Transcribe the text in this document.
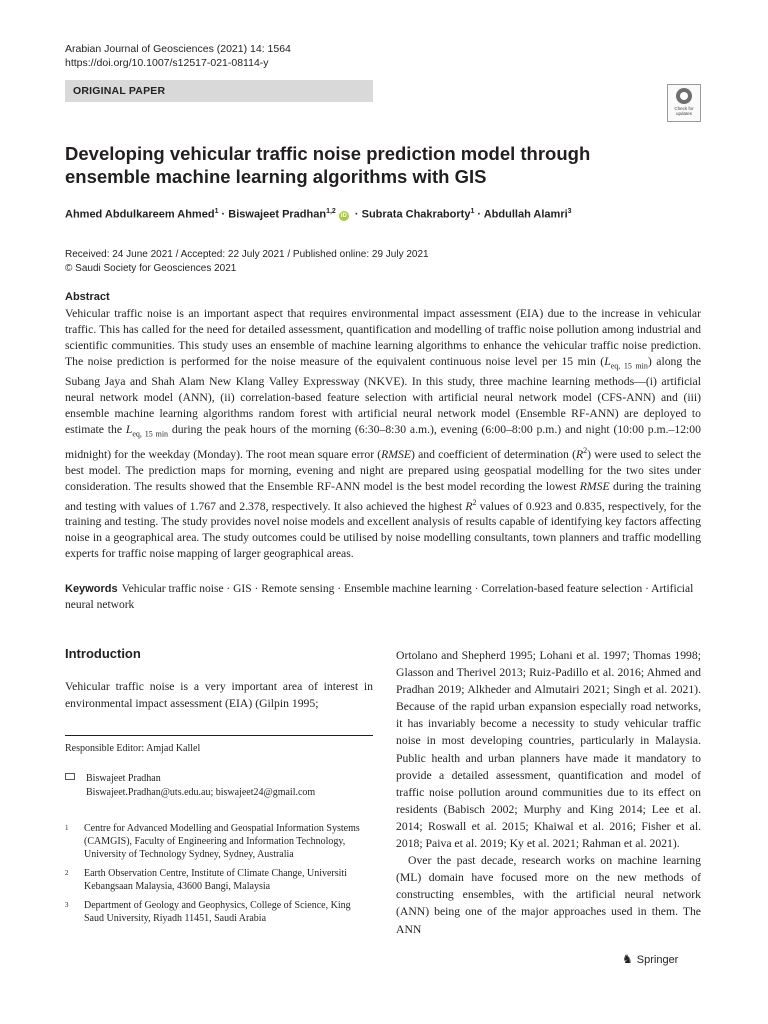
Arabian Journal of Geosciences (2021) 14: 1564
https://doi.org/10.1007/s12517-021-08114-y
ORIGINAL PAPER
Check for updates
Developing vehicular traffic noise prediction model through ensemble machine learning algorithms with GIS
Ahmed Abdulkareem Ahmed$^1$ · Biswajeet Pradhan$^{1,2}$iD · Subrata Chakraborty$^1$ · Abdullah Alamri$^3$
Received: 24 June 2021 / Accepted: 22 July 2021 / Published online: 29 July 2021
© Saudi Society for Geosciences 2021
Abstract

Vehicular traffic noise is an important aspect that requires environmental impact assessment (EIA) due to the increase in vehicular traffic. This has called for the need for detailed assessment, quantification and modelling of traffic noise pollution among industrial and scientific communities. This study uses an ensemble of machine learning algorithms to enhance the vehicular traffic noise prediction. The noise prediction is performed for the noise measure of the equivalent continuous noise level per 15 $\min (L_{eq, 15 min})$ along the Subang Jaya and Shah Alam New Klang Valley Expressway (NKVE). In this study, three machine learning methods—(i) artificial neural network model (ANN), (ii) correlation-based feature selection with artificial neural network model (CFS-ANN) and (iii) ensemble machine learning algorithms random forest with artificial neural network model (Ensemble RF-ANN) are deployed to estimate the $L_{eq, 15 min}$ during the peak hours of the morning (6:30–8:30 a.m.), evening (6:00–8:00 p.m.) and night (10:00 p.m.–12:00 midnight) for the weekday (Monday). The root mean square error (RMSE) and coefficient of determination $(R^2)$ were used to select the best model. The prediction maps for morning, evening and night are prepared using geospatial modelling for the two sites under consideration. The results showed that the Ensemble RF-ANN model is the best model recording the lowest RMSE during the training and testing with values of 1.767 and 2.378, respectively. It also achieved the highest $R^2$ values of 0.923 and 0.835, respectively, for the training and testing. The study provides novel noise models and excellent analysis of results capable of identifying key factors affecting noise in a geographical area. The study outcomes could be utilised by noise modelling consultants, town planners and traffic modelling experts for traffic noise mapping of larger geographical areas.

Keywords Vehicular traffic noise · GIS · Remote sensing · Ensemble machine learning · Correlation-based feature selection · Artificial neural network
Introduction

Vehicular traffic noise is a very important area of interest in environmental impact assessment (EIA) (Gilpin 1995;

Ortolano and Shepherd 1995; Lohani et al. 1997; Thomas 1998; Glasson and Therivel 2013; Ruiz-Padillo et al. 2016; Ahmed and Pradhan 2019; Alkheder and Almutairi 2021; Singh et al. 2021). Because of the rapid urban expansion especially road networks, it has invariably become a necessity to study vehicular traffic noise in most developing countries, particularly in Malaysia. Public health and urban planners have made it mandatory to provide a detailed assessment, quantification and model of traffic noise pollution around communities due to its effect on residents (Babisch 2002; Murphy and King 2014; Lee et al. 2014; Roswall et al. 2015; Khaiwal et al. 2016; Fisher et al. 2018; Paiva et al. 2019; Ky et al. 2021; Rahman et al. 2021).

Over the past decade, research works on machine learning (ML) domain have focused more on the new methods of constructing ensembles, with the artificial neural network (ANN) being one of the major approaches used in them. The ANN

Responsible Editor: Amjad Kallel
Biswajeet Pradhan
Biswajeet.Pradhan@uts.edu.au; biswajeet24@gmail.com
1 Centre for Advanced Modelling and Geospatial Information Systems (CAMGIS), Faculty of Engineering and Information Technology, University of Technology Sydney, Sydney, Australia
2 Earth Observation Centre, Institute of Climate Change, Universiti Kebangsaan Malaysia, 43600 Bangi, Malaysia
3 Department of Geology and Geophysics, College of Science, King Saud University, Riyadh 11451, Saudi Arabia
♞ Springer
